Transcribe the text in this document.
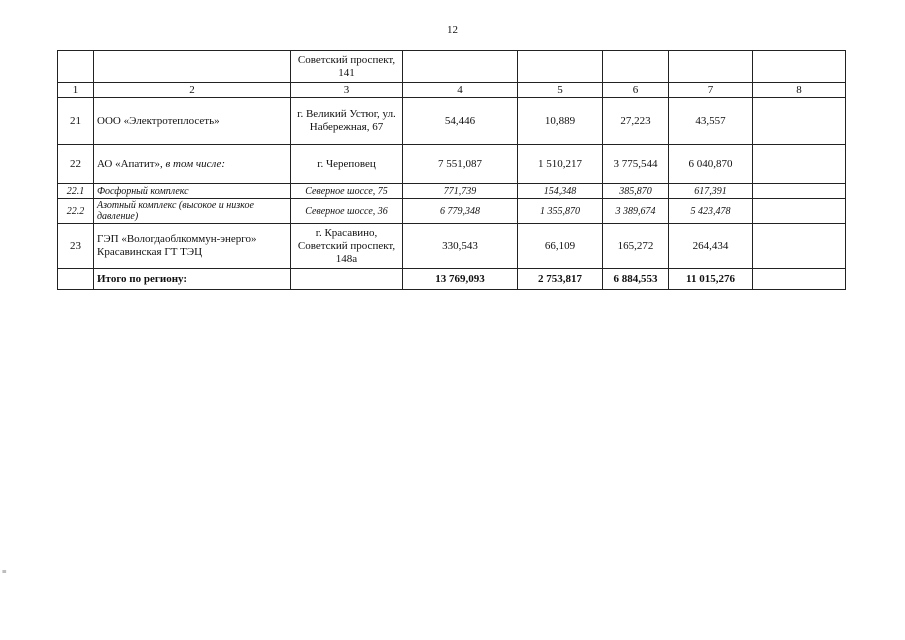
12
		Советский проспект, 141					
1	2	3	4	5	6	7	8
21	ООО «Электротеплосеть»	г. Великий Устюг, ул. Набережная, 67	54,446	10,889	27,223	43,557	
22	АО «Апатит», в том числе:	г. Череповец	7 551,087	1 510,217	3 775,544	6 040,870	
22.1	Фосфорный комплекс	Северное шоссе, 75	771,739	154,348	385,870	617,391	
22.2	Азотный комплекс (высокое и низкое давление)	Северное шоссе, 36	6 779,348	1 355,870	3 389,674	5 423,478	
23	ГЭП «Вологдаоблкоммун-энерго» Красавинская ГТ ТЭЦ	г. Красавино, Советский проспект, 148а	330,543	66,109	165,272	264,434	
	Итого по региону:		13 769,093	2 753,817	6 884,553	11 015,276	
≡
